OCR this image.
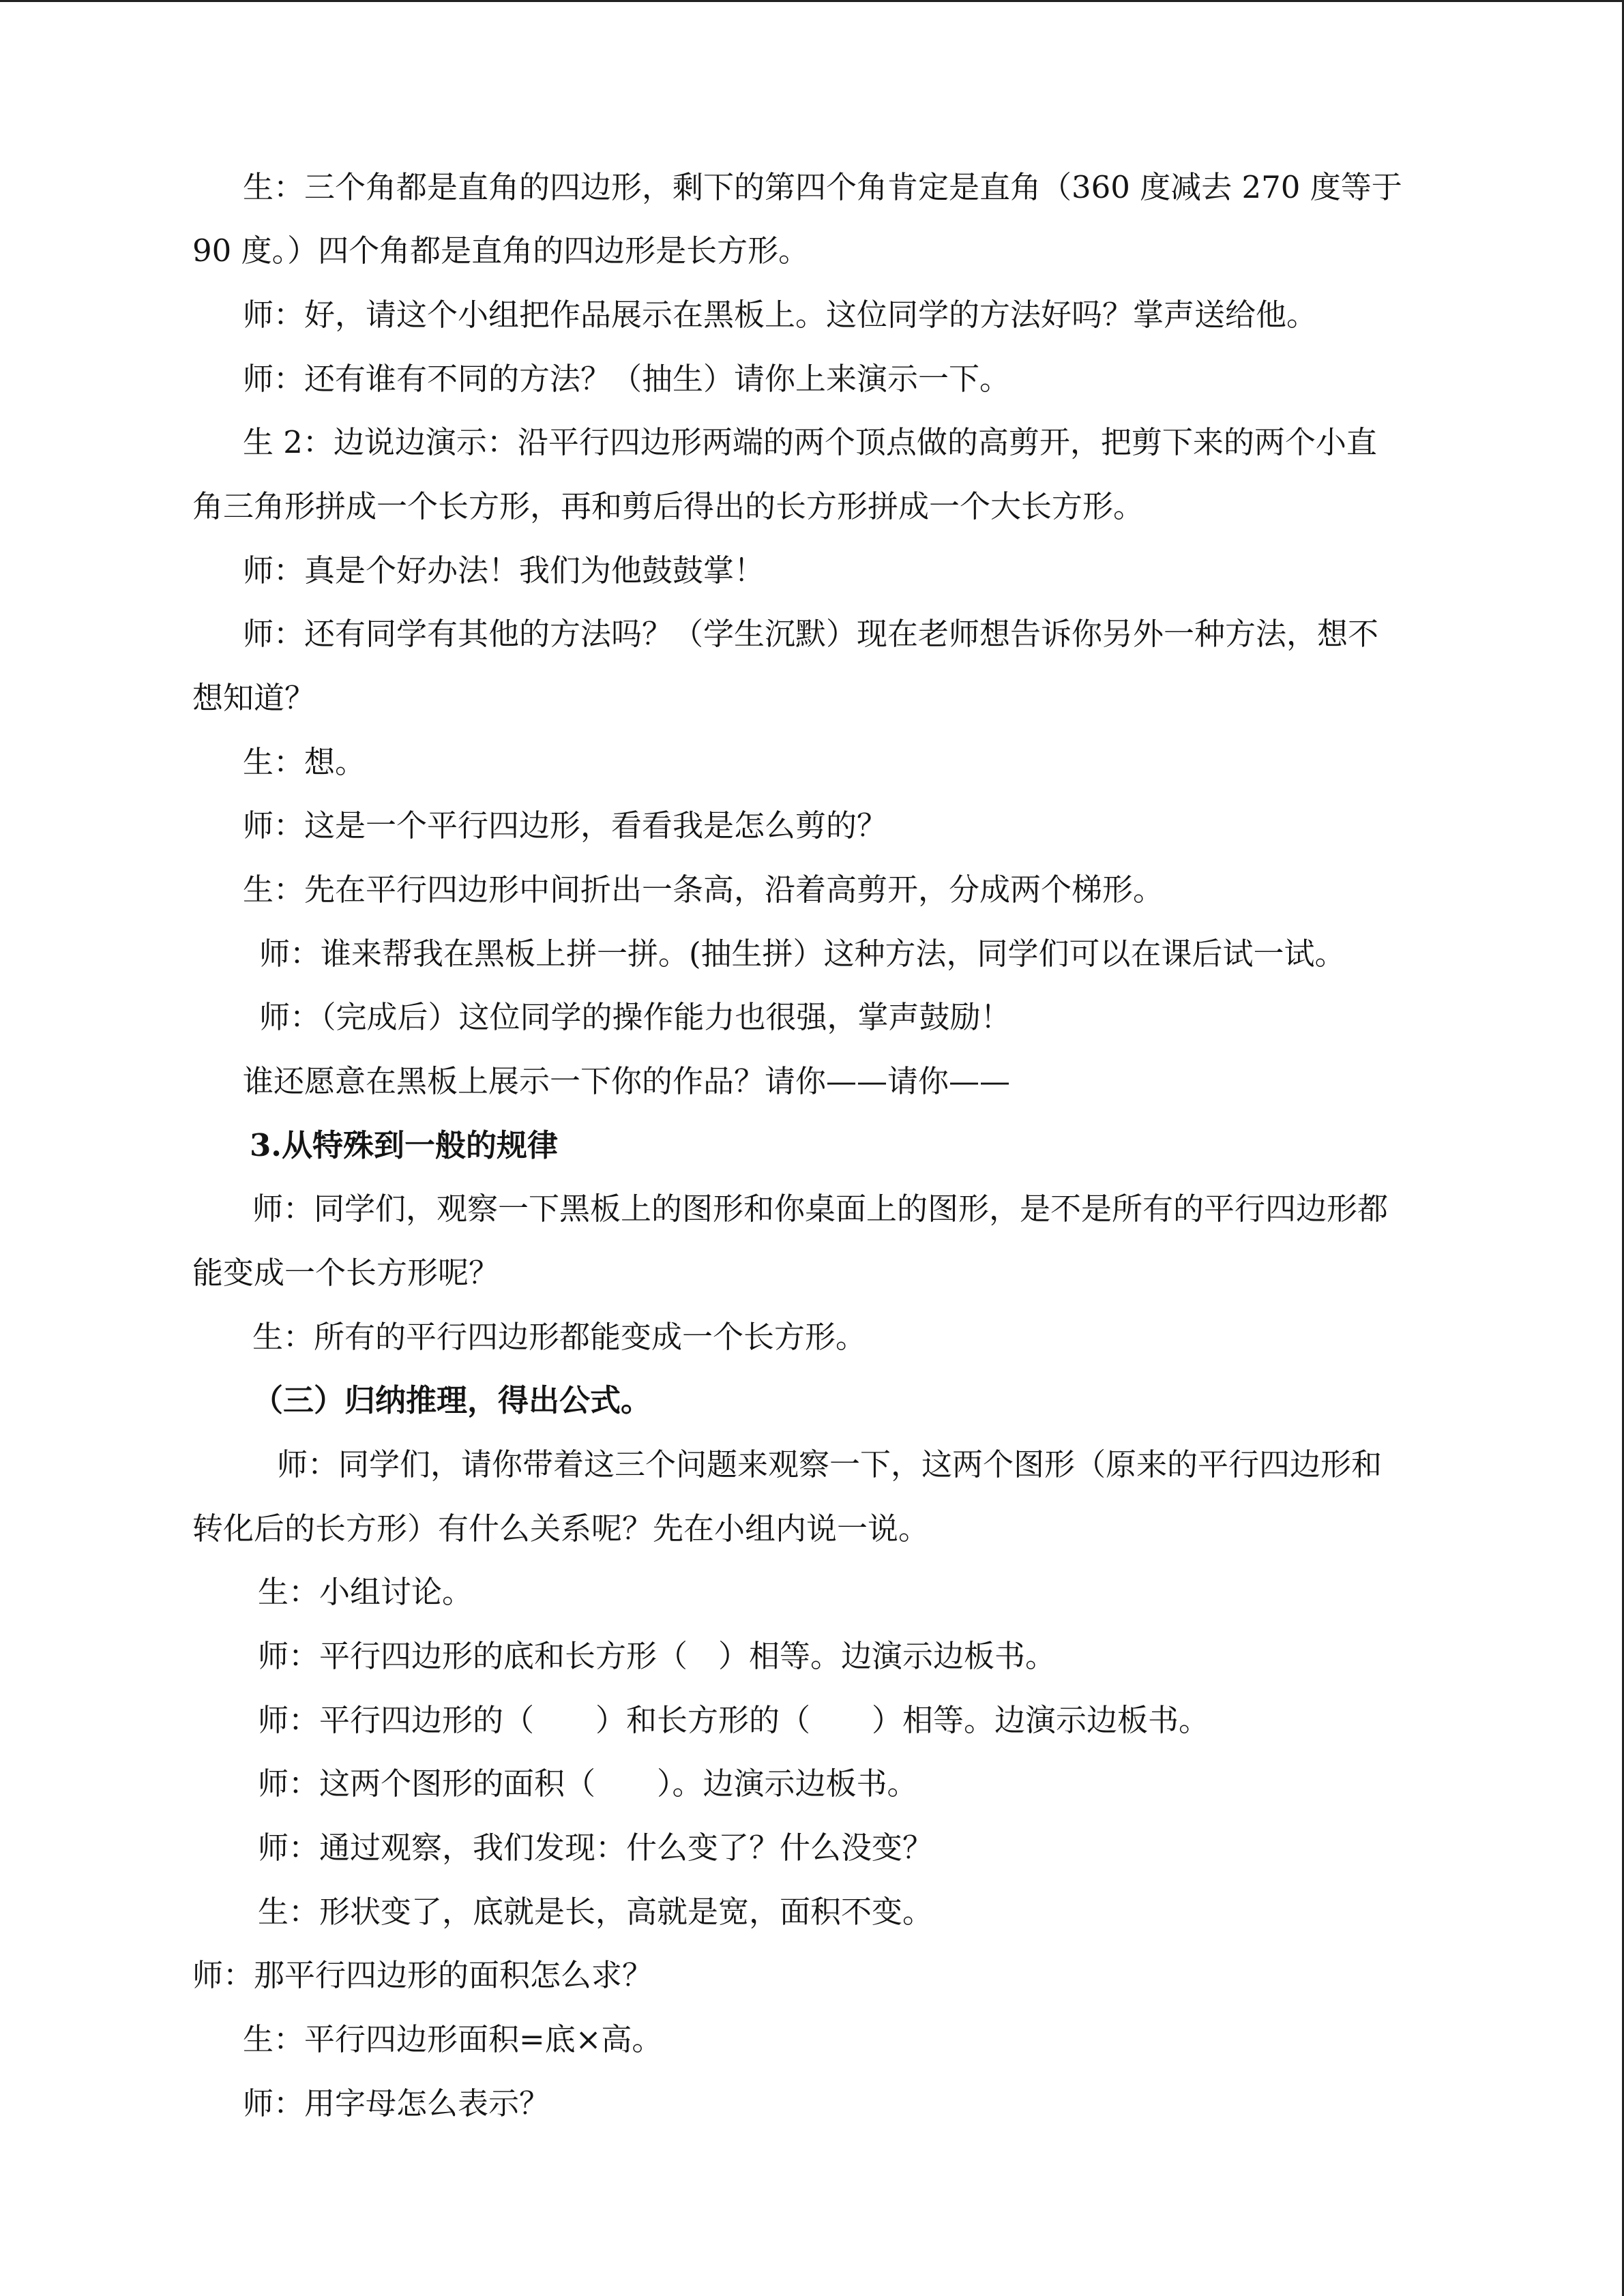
生：三个角都是直角的四边形，剩下的第四个角肯定是直角（360 度减去 270 度等于
90 度。）四个角都是直角的四边形是长方形。
师：好，请这个小组把作品展示在黑板上。这位同学的方法好吗？掌声送给他。
师：还有谁有不同的方法？（抽生）请你上来演示一下。
生 2：边说边演示：沿平行四边形两端的两个顶点做的高剪开，把剪下来的两个小直
角三角形拼成一个长方形，再和剪后得出的长方形拼成一个大长方形。
师：真是个好办法！我们为他鼓鼓掌！
师：还有同学有其他的方法吗？（学生沉默）现在老师想告诉你另外一种方法，想不
想知道？
生：想。
师：这是一个平行四边形，看看我是怎么剪的？
生：先在平行四边形中间折出一条高，沿着高剪开，分成两个梯形。
师：谁来帮我在黑板上拼一拼。(抽生拼）这种方法，同学们可以在课后试一试。
师：（完成后）这位同学的操作能力也很强，掌声鼓励！
谁还愿意在黑板上展示一下你的作品？请你——请你——
3.从特殊到一般的规律
师：同学们，观察一下黑板上的图形和你桌面上的图形，是不是所有的平行四边形都
能变成一个长方形呢？
生：所有的平行四边形都能变成一个长方形。
（三）归纳推理，得出公式。
师：同学们，请你带着这三个问题来观察一下，这两个图形（原来的平行四边形和
转化后的长方形）有什么关系呢？先在小组内说一说。
生：小组讨论。
师：平行四边形的底和长方形（　）相等。边演示边板书。
师：平行四边形的（　　）和长方形的（　　）相等。边演示边板书。
师：这两个图形的面积（　　）。边演示边板书。
师：通过观察，我们发现：什么变了？什么没变？
生：形状变了，底就是长，高就是宽，面积不变。
师：那平行四边形的面积怎么求？
生：平行四边形面积=底×高。
师：用字母怎么表示？
